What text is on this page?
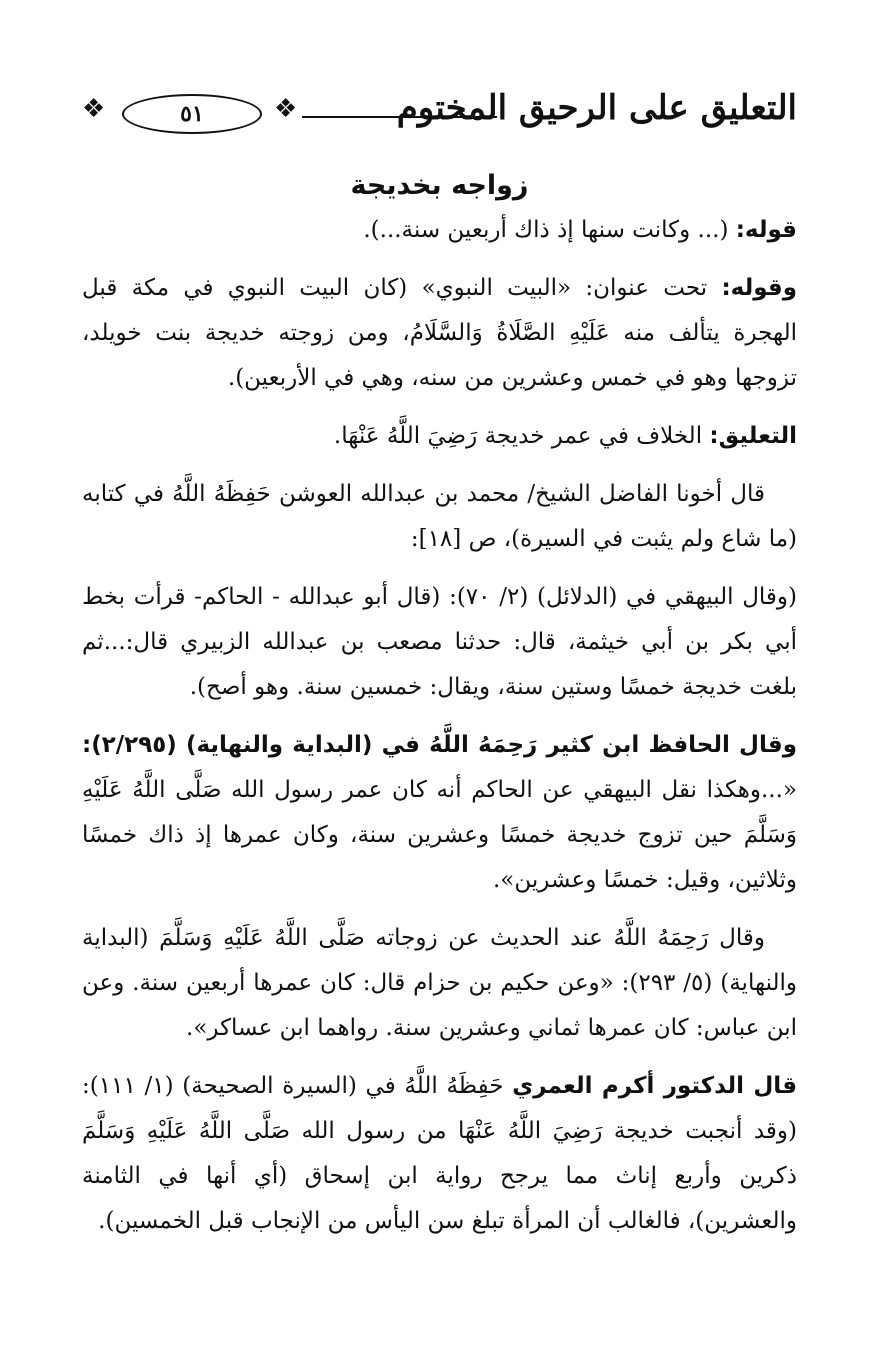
التعليق على الرحيق المختوم
❖
٥١
❖
زواجه بخديجة

قوله: (... وكانت سنها إذ ذاك أربعين سنة...).

وقوله: تحت عنوان: «البيت النبوي» (كان البيت النبوي في مكة قبل الهجرة يتألف منه عَلَيْهِ الصَّلَاةُ وَالسَّلَامُ، ومن زوجته خديجة بنت خويلد، تزوجها وهو في خمس وعشرين من سنه، وهي في الأربعين).

التعليق: الخلاف في عمر خديجة رَضِيَ اللَّهُ عَنْهَا.

قال أخونا الفاضل الشيخ/ محمد بن عبدالله العوشن حَفِظَهُ اللَّهُ في كتابه (ما شاع ولم يثبت في السيرة)، ص [١٨]:

(وقال البيهقي في (الدلائل) (٢/ ٧٠): (قال أبو عبدالله - الحاكم- قرأت بخط أبي بكر بن أبي خيثمة، قال: حدثنا مصعب بن عبدالله الزبيري قال:...ثم بلغت خديجة خمسًا وستين سنة، ويقال: خمسين سنة. وهو أصح).

وقال الحافظ ابن كثير رَحِمَهُ اللَّهُ في (البداية والنهاية) (٢/٢٩٥): «...وهكذا نقل البيهقي عن الحاكم أنه كان عمر رسول الله صَلَّى اللَّهُ عَلَيْهِ وَسَلَّمَ حين تزوج خديجة خمسًا وعشرين سنة، وكان عمرها إذ ذاك خمسًا وثلاثين، وقيل: خمسًا وعشرين».

وقال رَحِمَهُ اللَّهُ عند الحديث عن زوجاته صَلَّى اللَّهُ عَلَيْهِ وَسَلَّمَ (البداية والنهاية) (٥/ ٢٩٣): «وعن حكيم بن حزام قال: كان عمرها أربعين سنة. وعن ابن عباس: كان عمرها ثماني وعشرين سنة. رواهما ابن عساكر».

قال الدكتور أكرم العمري حَفِظَهُ اللَّهُ في (السيرة الصحيحة) (١/ ١١١): (وقد أنجبت خديجة رَضِيَ اللَّهُ عَنْهَا من رسول الله صَلَّى اللَّهُ عَلَيْهِ وَسَلَّمَ ذكرين وأربع إناث مما يرجح رواية ابن إسحاق (أي أنها في الثامنة والعشرين)، فالغالب أن المرأة تبلغ سن اليأس من الإنجاب قبل الخمسين).
